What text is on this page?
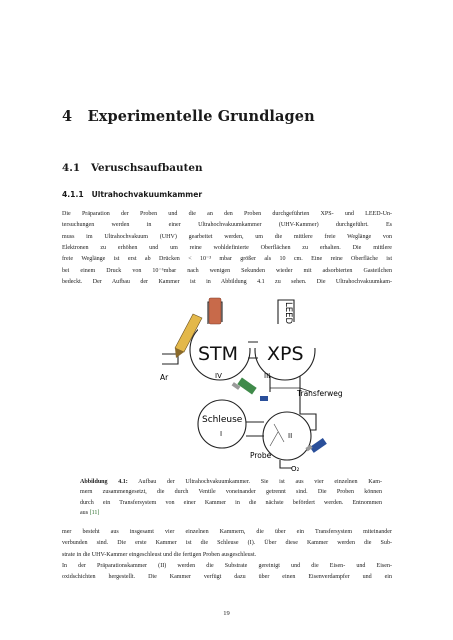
4 Experimentelle Grundlagen
4.1 Veruschsaufbauten
4.1.1 Ultrahochvakuumkammer
Die Präparation der Proben und die an den Proben durchgeführten XPS- und LEED-Un-
tersuchungen werden in einer Ultrahochvakuumkammer (UHV-Kammer) durchgeführt. Es
muss im Ultrahochvakuum (UHV) gearbeitet werden, um die mittlere freie Weglänge von
Elektronen zu erhöhen und um reine wohldefinierte Oberflächen zu erhalten. Die mittlere
freie Weglänge ist erst ab Drücken < 10⁻³ mbar größer als 10 cm. Eine reine Oberfläche ist
bei einem Druck von 10⁻⁶mbar nach wenigen Sekunden wieder mit adsorbierten Gasteilchen
bedeckt. Der Aufbau der Kammer ist in Abbildung 4.1 zu sehen. Die Ultrahochvakuumkam-
LEED
STM XPS
Ar	IV	III
Transferweg
Schleuse
I	II
Probe
O₂
Abbildung 4.1: Aufbau der Ultrahochvakuumkammer. Sie ist aus vier einzelnen Kam-
mern zusammengesetzt, die durch Ventile voneinander getrennt sind. Die Proben können
durch ein Transfersystem von einer Kammer in die nächste befördert werden. Entnommen
aus [11]
mer besteht aus insgesamt vier einzelnen Kammern, die über ein Transfersystem miteinander
verbunden sind. Die erste Kammer ist die Schleuse (I). Über diese Kammer werden die Sub-
strate in die UHV-Kammer eingeschleust und die fertigen Proben ausgeschleust.
In der Präparationskammer (II) werden die Substrate gereinigt und die Eisen- und Eisen-
oxidschichten hergestellt. Die Kammer verfügt dazu über einen Eisenverdampfer und ein
19
